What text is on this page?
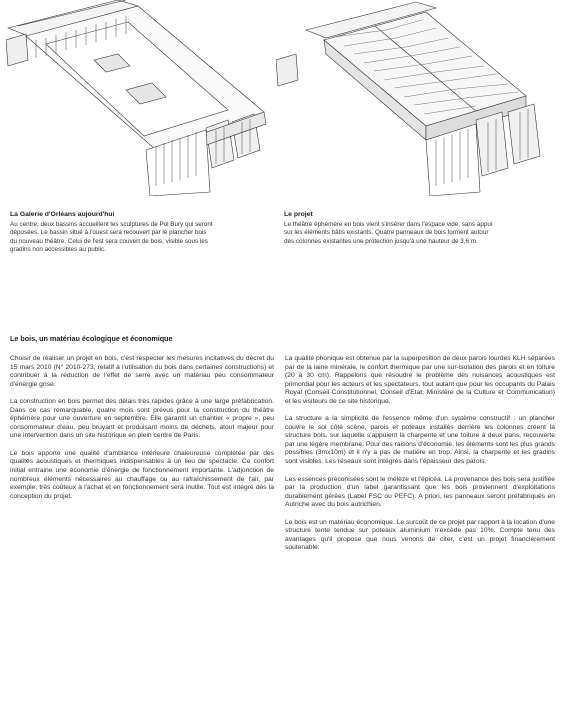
La Galerie d'Orléans aujourd'hui
Au centre, deux bassins accueillent les sculptures de Pol Bury qui seront
déposées. Le bassin situé à l'ouest sera recouvert par le plancher bois
du nouveau théâtre. Celui de l'est sera couvert de bois, visible sous les
gradins non accessibles au public.
Le projet
Le théâtre éphémère en bois vient s'insérer dans l'espace vide, sans appui
sur les éléments bâtis existants. Quatre panneaux de bois forment autour
des colonnes existantes une protection jusqu'à une hauteur de 3,6 m.
Le bois, un matériau écologique et économique

Choisir de réaliser un projet en bois, c'est respecter les mesures incitatives du décret du 15 mars 2010 (N° 2010-273, relatif à l'utilisation du bois dans certaines constructions) et contribuer à la réduction de l'effet de serre avec un matériau peu consommateur d'énergie grise.

La construction en bois permet des délais très rapides grâce à une large préfabrication. Dans ce cas remarquable, quatre mois sont prévus pour la construction du théâtre éphémère pour une ouverture en septembre. Elle garantit un chantier « propre », peu consommateur d'eau, peu bruyant et produisant moins de déchets, atout majeur pour une intervention dans un site historique en plein centre de Paris.

Le bois apporte une qualité d'ambiance intérieure chaleureuse complétée par des qualités acoustiques et thermiques indispensables à un lieu de spectacle. Ce confort initial entraine une économie d'énergie de fonctionnement importante. L'adjonction de nombreux éléments nécessaires au chauffage ou au rafraîchissement de l'air, par exemple, très coûteux à l'achat et en fonctionnement sera inutile. Tout est intégré dès la conception du projet.

La qualité phonique est obtenue par la superposition de deux parois lourdes KLH séparées par de la laine minérale, le confort thermique par une sur-isolation des parois et en toiture (20 à 30 cm). Rappelons que résoudre le problème des nuisances acoustiques est primordial pour les acteurs et les spectateurs, tout autant que pour les occupants du Palais Royal (Conseil Constitutionnel, Conseil d'Etat, Ministère de la Culture et Communication) et les visiteurs de ce site historique.

La structure a la simplicité de l'essence même d'un système constructif : un plancher couvre le sol côté scène, parois et poteaux installés derrière les colonnes créent la structure bois, sur laquelle s'appuient la charpente et une toiture à deux pans, recouverte par une légère membrane. Pour des raisons d'économie, les éléments sont les plus grands possibles (3mx10m) et il n'y a pas de matière en trop. Ainsi, la charpente et les gradins sont visibles. Les réseaux sont intégrés dans l'épaisseur des parois.

Les essences préconisées sont le mélèze et l'épicéa. La provenance des bois sera justifiée par la production d'un label garantissant que les bois proviennent d'exploitations durablement gérées (Label FSC ou PEFC). A priori, les panneaux seront préfabriqués en Autriche avec du bois autrichien.

Le bois est un matériau économique. Le surcoût de ce projet par rapport à la location d'une structure tente tendue sur poteaux aluminium n'excède pas 10%. Compte tenu des avantages qu'il propose que nous venons de citer, c'est un projet financièrement soutenable.
